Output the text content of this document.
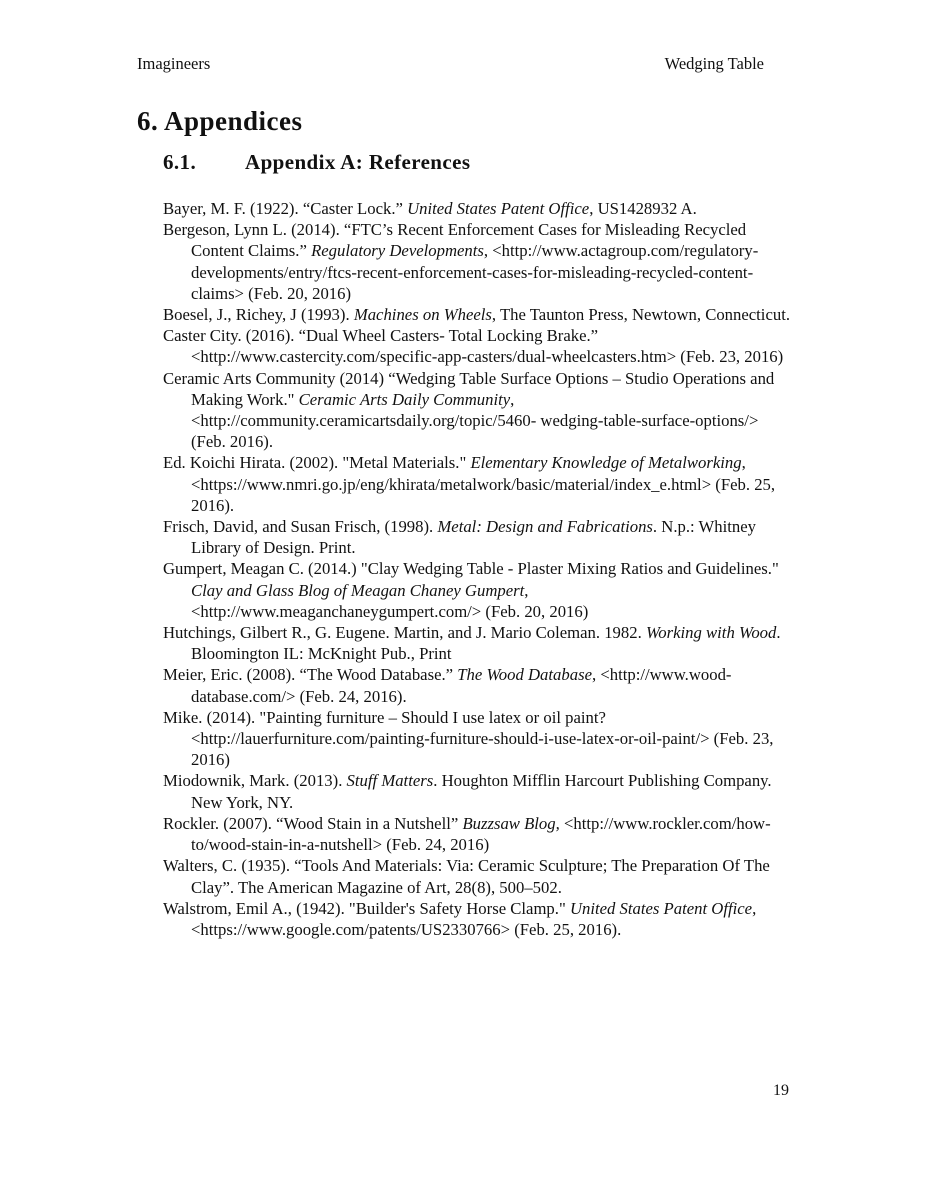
Imagineers	Wedging Table
6. Appendices
6.1. Appendix A: References
Bayer, M. F. (1922). “Caster Lock.” United States Patent Office, US1428932 A.
Bergeson, Lynn L. (2014). “FTC’s Recent Enforcement Cases for Misleading Recycled Content Claims.” Regulatory Developments, <http://www.actagroup.com/regulatory-developments/entry/ftcs-recent-enforcement-cases-for-misleading-recycled-content-claims> (Feb. 20, 2016)
Boesel, J., Richey, J (1993). Machines on Wheels, The Taunton Press, Newtown, Connecticut.
Caster City. (2016). “Dual Wheel Casters- Total Locking Brake.” <http://www.castercity.com/specific-app-casters/dual-wheelcasters.htm> (Feb. 23, 2016)
Ceramic Arts Community (2014) “Wedging Table Surface Options – Studio Operations and Making Work." Ceramic Arts Daily Community, <http://community.ceramicartsdaily.org/topic/5460- wedging-table-surface-options/> (Feb. 2016).
Ed. Koichi Hirata. (2002). "Metal Materials." Elementary Knowledge of Metalworking, <https://www.nmri.go.jp/eng/khirata/metalwork/basic/material/index_e.html> (Feb. 25, 2016).
Frisch, David, and Susan Frisch, (1998). Metal: Design and Fabrications. N.p.: Whitney Library of Design. Print.
Gumpert, Meagan C. (2014.) "Clay Wedging Table - Plaster Mixing Ratios and Guidelines." Clay and Glass Blog of Meagan Chaney Gumpert, <http://www.meaganchaneygumpert.com/> (Feb. 20, 2016)
Hutchings, Gilbert R., G. Eugene. Martin, and J. Mario Coleman. 1982. Working with Wood. Bloomington IL: McKnight Pub., Print
Meier, Eric. (2008). “The Wood Database.” The Wood Database, <http://www.wood-database.com/> (Feb. 24, 2016).
Mike. (2014). "Painting furniture – Should I use latex or oil paint? <http://lauerfurniture.com/painting-furniture-should-i-use-latex-or-oil-paint/> (Feb. 23, 2016)
Miodownik, Mark. (2013). Stuff Matters. Houghton Mifflin Harcourt Publishing Company. New York, NY.
Rockler. (2007). “Wood Stain in a Nutshell” Buzzsaw Blog, <http://www.rockler.com/how-to/wood-stain-in-a-nutshell> (Feb. 24, 2016)
Walters, C. (1935). “Tools And Materials: Via: Ceramic Sculpture; The Preparation Of The Clay”. The American Magazine of Art, 28(8), 500–502.
Walstrom, Emil A., (1942). "Builder's Safety Horse Clamp." United States Patent Office, <https://www.google.com/patents/US2330766> (Feb. 25, 2016).
19
